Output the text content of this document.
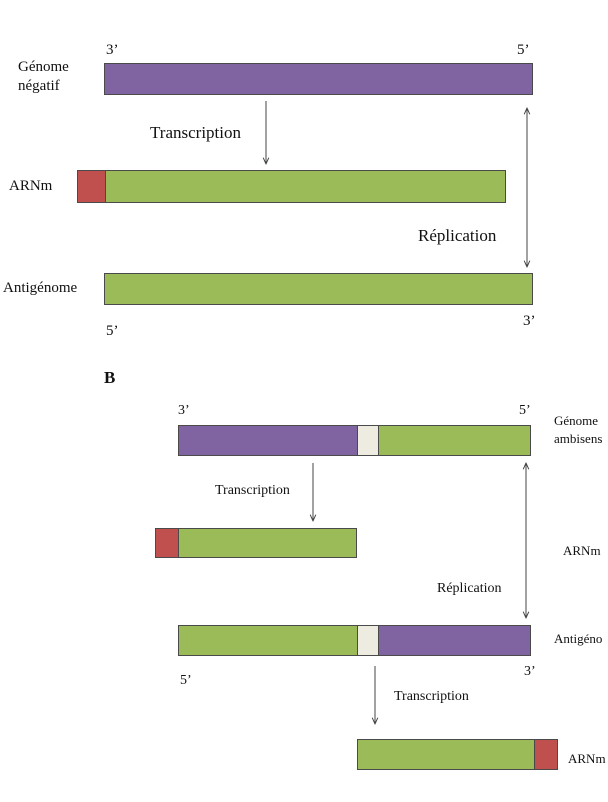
3’	5’
Génome
négatif
Transcription
ARNm
Réplication
Antigénome
5’
3’
B
3’	5’
Génome
ambisens
Transcription
ARNm
Réplication
Antigéno
5’
3’
Transcription
ARNm
